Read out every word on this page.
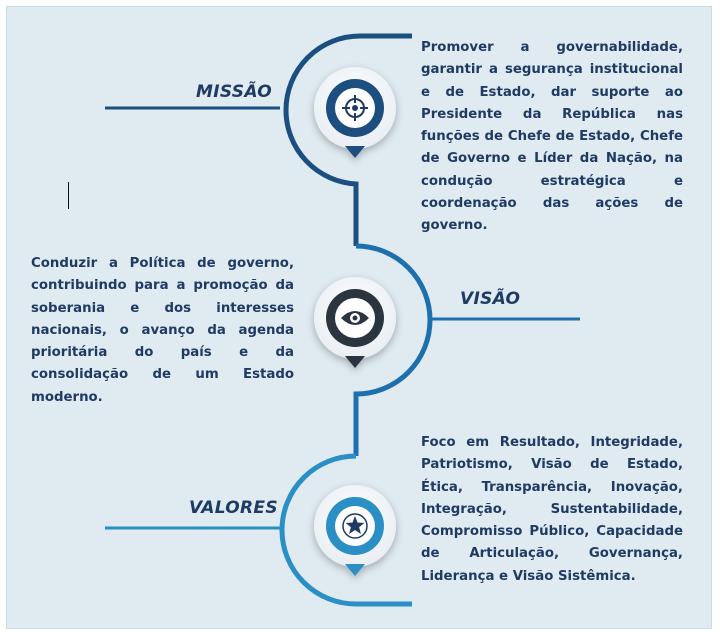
MISSÃO

Promover a governabilidade, garantir a segurança institucional e de Estado, dar suporte ao Presidente da República nas funções de Chefe de Estado, Chefe de Governo e Líder da Nação, na condução estratégica e coordenação das ações de governo.

VISÃO

Conduzir a Política de governo, contribuindo para a promoção da soberania e dos interesses nacionais, o avanço da agenda prioritária do país e da consolidação de um Estado moderno.

VALORES

Foco em Resultado, Integridade, Patriotismo, Visão de Estado, Ética, Transparência, Inovação, Integração, Sustentabilidade, Compromisso Público, Capacidade de Articulação, Governança, Liderança e Visão Sistêmica.
